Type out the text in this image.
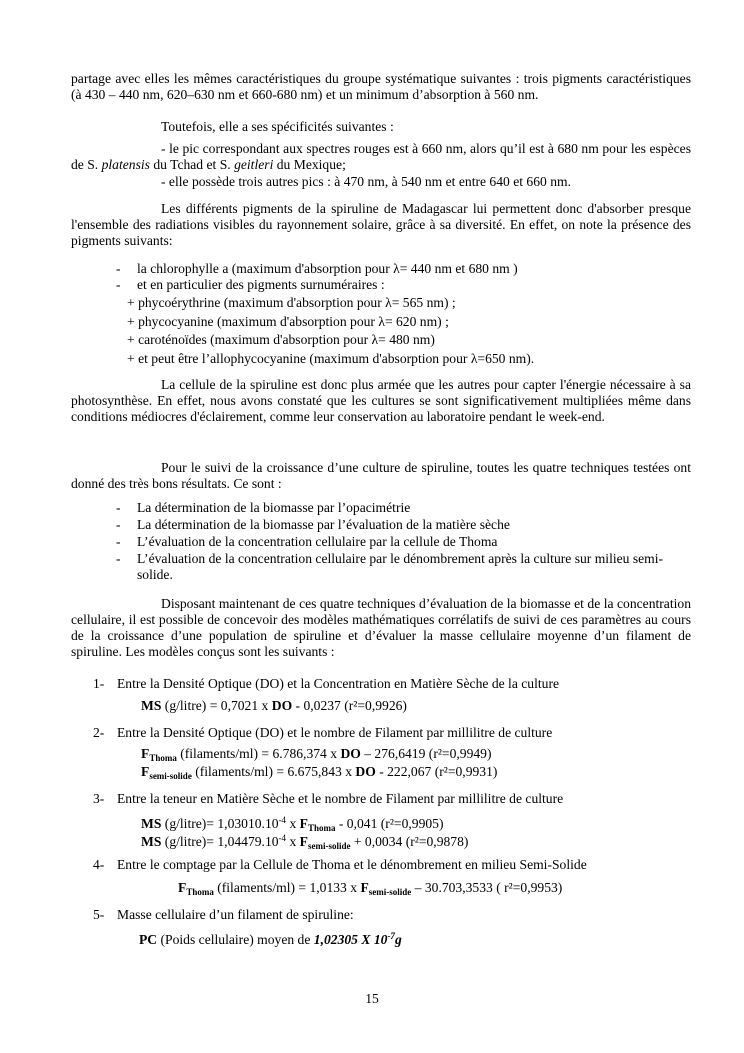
partage avec elles les mêmes caractéristiques du groupe systématique suivantes : trois pigments caractéristiques (à 430 – 440 nm, 620–630 nm et 660-680 nm) et un minimum d’absorption à 560 nm.

Toutefois, elle a ses spécificités suivantes :

- le pic correspondant aux spectres rouges est à 660 nm, alors qu’il est à 680 nm pour les espèces de S. platensis du Tchad et S. geitleri du Mexique;

- elle possède trois autres pics : à 470 nm, à 540 nm et entre 640 et 660 nm.

Les différents pigments de la spiruline de Madagascar lui permettent donc d'absorber presque l'ensemble des radiations visibles du rayonnement solaire, grâce à sa diversité. En effet, on note la présence des pigments suivants:

- la chlorophylle a (maximum d'absorption pour λ= 440 nm et 680 nm )
- et en particulier des pigments surnuméraires :
+ phycoérythrine (maximum d'absorption pour λ= 565 nm) ;
+ phycocyanine (maximum d'absorption pour λ= 620 nm) ;
+ caroténoïdes (maximum d'absorption pour λ= 480 nm)
+ et peut être l’allophycocyanine (maximum d'absorption pour λ=650 nm).

La cellule de la spiruline est donc plus armée que les autres pour capter l'énergie nécessaire à sa photosynthèse. En effet, nous avons constaté que les cultures se sont significativement multipliées même dans conditions médiocres d'éclairement, comme leur conservation au laboratoire pendant le week-end.

Pour le suivi de la croissance d’une culture de spiruline, toutes les quatre techniques testées ont donné des très bons résultats. Ce sont :

- La détermination de la biomasse par l’opacimétrie
- La détermination de la biomasse par l’évaluation de la matière sèche
- L’évaluation de la concentration cellulaire par la cellule de Thoma
- L’évaluation de la concentration cellulaire par le dénombrement après la culture sur milieu semi-solide.

Disposant maintenant de ces quatre techniques d’évaluation de la biomasse et de la concentration cellulaire, il est possible de concevoir des modèles mathématiques corrélatifs de suivi de ces paramètres au cours de la croissance d’une population de spiruline et d’évaluer la masse cellulaire moyenne d’un filament de spiruline. Les modèles conçus sont les suivants :

1- Entre la Densité Optique (DO) et la Concentration en Matière Sèche de la culture
MS (g/litre) = 0,7021 x DO - 0,0237 (r²=0,9926)
2- Entre la Densité Optique (DO) et le nombre de Filament par millilitre de culture
$F_{Thoma}$ (filaments/ml) = 6.786,374 x DO – 276,6419 (r²=0,9949)
$F_{semi-solide}$ (filaments/ml) = 6.675,843 x DO - 222,067 (r²=0,9931)
3- Entre la teneur en Matière Sèche et le nombre de Filament par millilitre de culture
MS (g/litre)= $1,03010.10^{-4}$ x $F_{Thoma} - 0,041$ (r²=0,9905)
MS (g/litre)= $1,04479.10^{-4}$ x $F_{semi-solide} + 0,0034$ (r²=0,9878)
4- Entre le comptage par la Cellule de Thoma et le dénombrement en milieu Semi-Solide
$F_{Thoma}$ (filaments/ml) = 1,0133 x $F_{semi-solide} - 30.703,3533$ ( r²=0,9953)
5- Masse cellulaire d’un filament de spiruline:
PC (Poids cellulaire) moyen de 1,02305 X $10^{-7}g$
15
